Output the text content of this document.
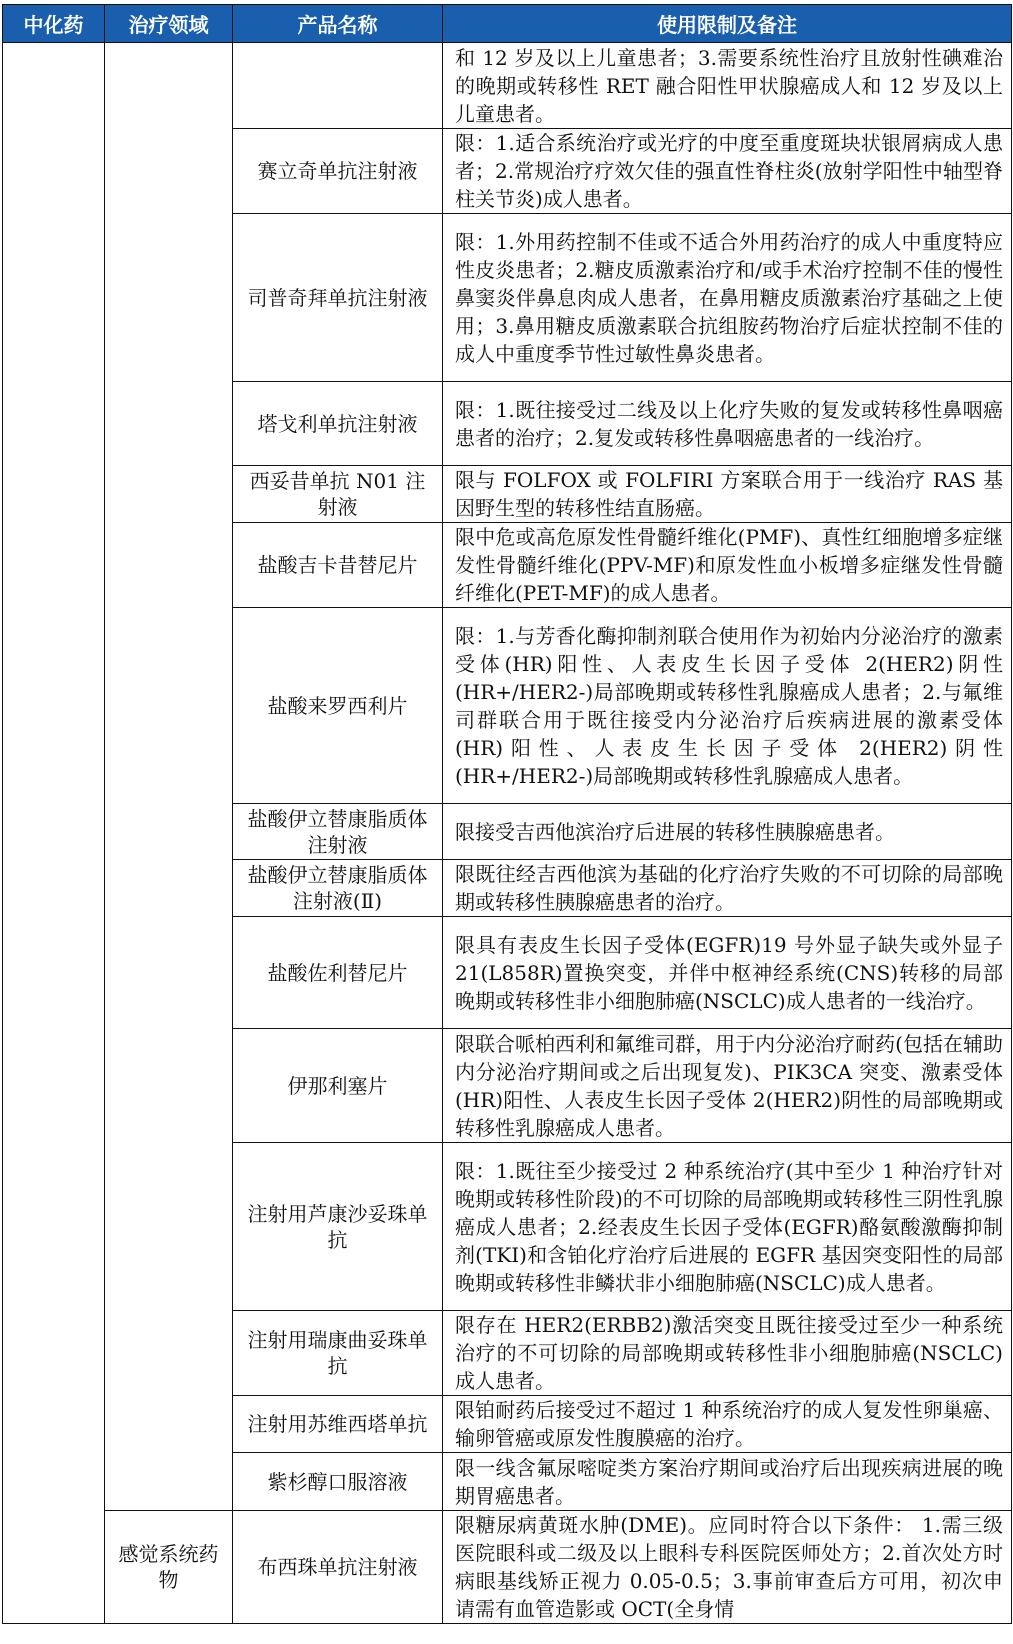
中化药	治疗领域	产品名称	使用限制及备注
			和 12 岁及以上儿童患者；3.需要系统性治疗且放射性碘难治的晚期或转移性 RET 融合阳性甲状腺癌成人和 12 岁及以上儿童患者。
		赛立奇单抗注射液	限：1.适合系统治疗或光疗的中度至重度斑块状银屑病成人患者；2.常规治疗疗效欠佳的强直性脊柱炎(放射学阳性中轴型脊柱关节炎)成人患者。
		司普奇拜单抗注射液	限：1.外用药控制不佳或不适合外用药治疗的成人中重度特应性皮炎患者；2.糖皮质激素治疗和/或手术治疗控制不佳的慢性鼻窦炎伴鼻息肉成人患者，在鼻用糖皮质激素治疗基础之上使用；3.鼻用糖皮质激素联合抗组胺药物治疗后症状控制不佳的成人中重度季节性过敏性鼻炎患者。
		塔戈利单抗注射液	限：1.既往接受过二线及以上化疗失败的复发或转移性鼻咽癌患者的治疗；2.复发或转移性鼻咽癌患者的一线治疗。
		西妥昔单抗 N01 注射液	限与 FOLFOX 或 FOLFIRI 方案联合用于一线治疗 RAS 基因野生型的转移性结直肠癌。
		盐酸吉卡昔替尼片	限中危或高危原发性骨髓纤维化(PMF)、真性红细胞增多症继发性骨髓纤维化(PPV-MF)和原发性血小板增多症继发性骨髓纤维化(PET-MF)的成人患者。
		盐酸来罗西利片	限：1.与芳香化酶抑制剂联合使用作为初始内分泌治疗的激素受体(HR)阳性、人表皮生长因子受体 2(HER2)阴性(HR+/HER2-)局部晚期或转移性乳腺癌成人患者；2.与氟维司群联合用于既往接受内分泌治疗后疾病进展的激素受体(HR)阳性、人表皮生长因子受体 2(HER2)阴性(HR+/HER2-)局部晚期或转移性乳腺癌成人患者。
		盐酸伊立替康脂质体注射液	限接受吉西他滨治疗后进展的转移性胰腺癌患者。
		盐酸伊立替康脂质体注射液(Ⅱ)	限既往经吉西他滨为基础的化疗治疗失败的不可切除的局部晚期或转移性胰腺癌患者的治疗。
		盐酸佐利替尼片	限具有表皮生长因子受体(EGFR)19 号外显子缺失或外显子 21(L858R)置换突变，并伴中枢神经系统(CNS)转移的局部晚期或转移性非小细胞肺癌(NSCLC)成人患者的一线治疗。
		伊那利塞片	限联合哌柏西利和氟维司群，用于内分泌治疗耐药(包括在辅助内分泌治疗期间或之后出现复发)、PIK3CA 突变、激素受体(HR)阳性、人表皮生长因子受体 2(HER2)阴性的局部晚期或转移性乳腺癌成人患者。
		注射用芦康沙妥珠单抗	限：1.既往至少接受过 2 种系统治疗(其中至少 1 种治疗针对晚期或转移性阶段)的不可切除的局部晚期或转移性三阴性乳腺癌成人患者；2.经表皮生长因子受体(EGFR)酪氨酸激酶抑制剂(TKI)和含铂化疗治疗后进展的 EGFR 基因突变阳性的局部晚期或转移性非鳞状非小细胞肺癌(NSCLC)成人患者。
		注射用瑞康曲妥珠单抗	限存在 HER2(ERBB2)激活突变且既往接受过至少一种系统治疗的不可切除的局部晚期或转移性非小细胞肺癌(NSCLC)成人患者。
		注射用苏维西塔单抗	限铂耐药后接受过不超过 1 种系统治疗的成人复发性卵巢癌、输卵管癌或原发性腹膜癌的治疗。
		紫杉醇口服溶液	限一线含氟尿嘧啶类方案治疗期间或治疗后出现疾病进展的晚期胃癌患者。
	感觉系统药物	布西珠单抗注射液	限糖尿病黄斑水肿(DME)。应同时符合以下条件： 1.需三级医院眼科或二级及以上眼科专科医院医师处方；2.首次处方时病眼基线矫正视力 0.05-0.5；3.事前审查后方可用，初次申请需有血管造影或 OCT(全身情
